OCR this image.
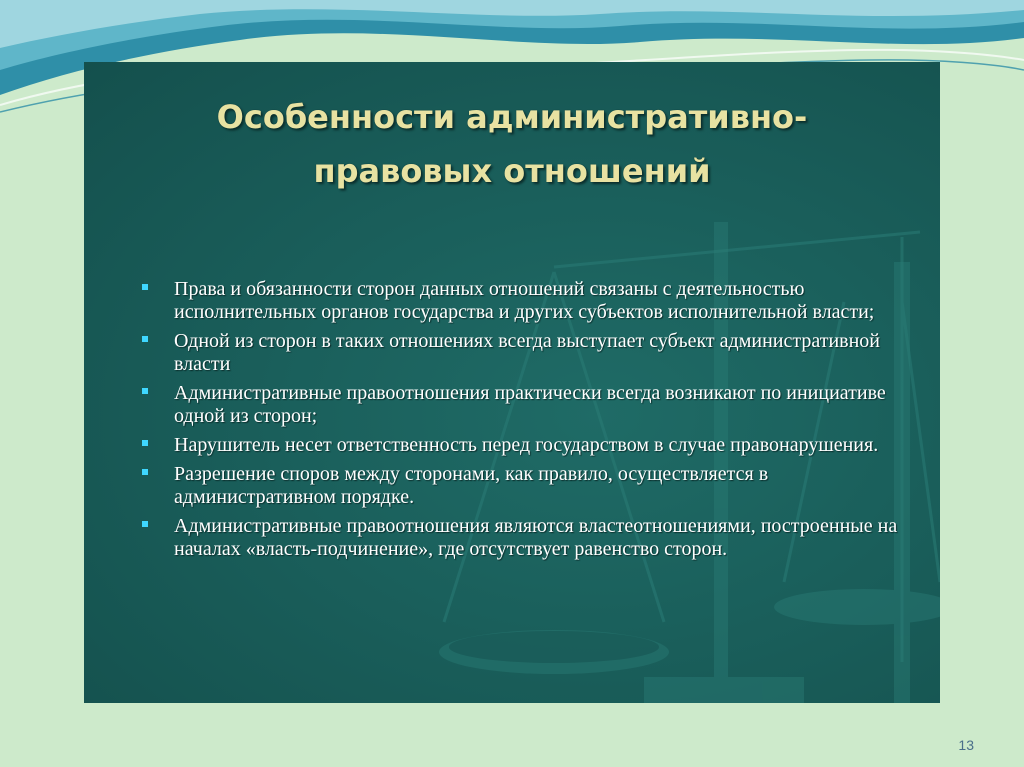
Особенности административно-
правовых отношений
Права и обязанности сторон данных отношений связаны с деятельностью исполнительных органов государства и других субъектов исполнительной власти;
Одной из сторон в таких отношениях всегда выступает субъект административной власти
Административные правоотношения практически всегда возникают по инициативе одной из сторон;
Нарушитель несет ответственность перед государством в случае правонарушения.
Разрешение споров между сторонами, как правило, осуществляется в административном порядке.
Административные правоотношения являются властеотношениями, построенные на началах «власть-подчинение», где отсутствует равенство сторон.
13
